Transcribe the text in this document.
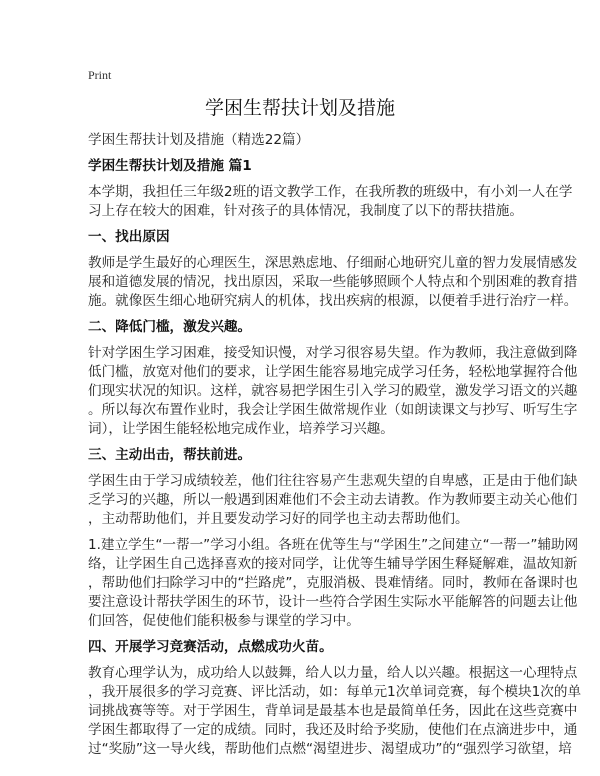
Print
学困生帮扶计划及措施
学困生帮扶计划及措施（精选22篇）
学困生帮扶计划及措施 篇1
本学期，我担任三年级2班的语文教学工作，在我所教的班级中，有小刘一人在学
习上存在较大的困难，针对孩子的具体情况，我制度了以下的帮扶措施。
一、找出原因
教师是学生最好的心理医生，深思熟虑地、仔细耐心地研究儿童的智力发展情感发
展和道德发展的情况，找出原因，采取一些能够照顾个人特点和个别困难的教育措
施。就像医生细心地研究病人的机体，找出疾病的根源，以便着手进行治疗一样。
二、降低门槛，激发兴趣。
针对学困生学习困难，接受知识慢，对学习很容易失望。作为教师，我注意做到降
低门槛，放宽对他们的要求，让学困生能容易地完成学习任务，轻松地掌握符合他
们现实状况的知识。这样，就容易把学困生引入学习的殿堂，激发学习语文的兴趣
。所以每次布置作业时，我会让学困生做常规作业（如朗读课文与抄写、听写生字
词），让学困生能轻松地完成作业，培养学习兴趣。
三、主动出击，帮扶前进。
学困生由于学习成绩较差，他们往往容易产生悲观失望的自卑感，正是由于他们缺
乏学习的兴趣，所以一般遇到困难他们不会主动去请教。作为教师要主动关心他们
，主动帮助他们，并且要发动学习好的同学也主动去帮助他们。
1.建立学生“一帮一”学习小组。各班在优等生与“学困生”之间建立“一帮一”辅助网
络，让学困生自己选择喜欢的接对同学，让优等生辅导学困生释疑解难，温故知新
，帮助他们扫除学习中的“拦路虎”，克服消极、畏难情绪。同时，教师在备课时也
要注意设计帮扶学困生的环节，设计一些符合学困生实际水平能解答的问题去让他
们回答，促使他们能积极参与课堂的学习中。
四、开展学习竞赛活动，点燃成功火苗。
教育心理学认为，成功给人以鼓舞，给人以力量，给人以兴趣。根据这一心理特点
，我开展很多的学习竞赛、评比活动，如：每单元1次单词竞赛，每个模块1次的单
词挑战赛等等。对于学困生，背单词是最基本也是最简单任务，因此在这些竞赛中
学困生都取得了一定的成绩。同时，我还及时给予奖励，使他们在点滴进步中，通
过“奖励”这一导火线，帮助他们点燃“渴望进步、渴望成功”的“强烈学习欲望，培
